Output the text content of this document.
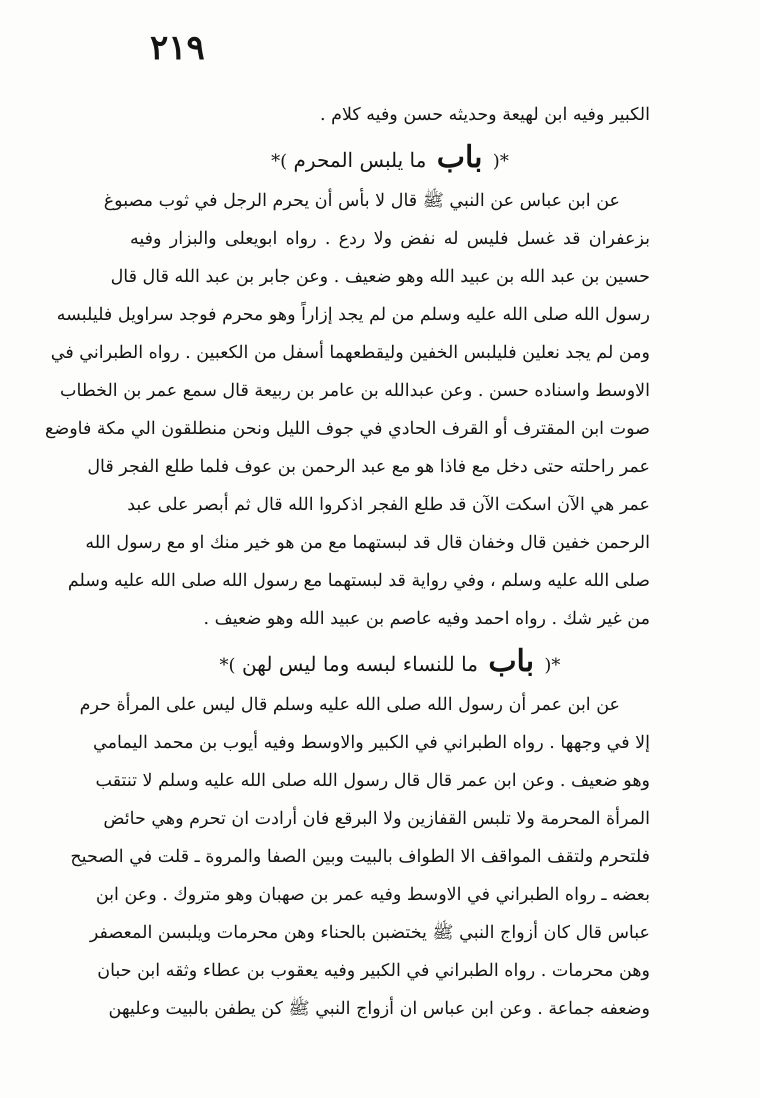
٢١٩
الكبير وفيه ابن لهيعة وحديثه حسن وفيه كلام .
*( باب ما يلبس المحرم )*
عن ابن عباس عن النبي ﷺ قال لا بأس أن يحرم الرجل في ثوب مصبوغ
بزعفران قد غسل فليس له نفض ولا ردع . رواه ابويعلى والبزار وفيه
حسين بن عبد الله بن عبيد الله وهو ضعيف . وعن جابر بن عبد الله قال قال
رسول الله صلى الله عليه وسلم من لم يجد إزاراً وهو محرم فوجد سراويل فليلبسه
ومن لم يجد نعلين فليلبس الخفين وليقطعهما أسفل من الكعبين . رواه الطبراني في
الاوسط واسناده حسن . وعن عبدالله بن عامر بن ربيعة قال سمع عمر بن الخطاب
صوت ابن المقترف أو القرف الحادي في جوف الليل ونحن منطلقون الي مكة فاوضع
عمر راحلته حتى دخل مع فاذا هو مع عبد الرحمن بن عوف فلما طلع الفجر قال
عمر هي الآن اسكت الآن قد طلع الفجر اذكروا الله قال ثم أبصر على عبد
الرحمن خفين قال وخفان قال قد لبستهما مع من هو خير منك او مع رسول الله
صلى الله عليه وسلم ، وفي رواية قد لبستهما مع رسول الله صلى الله عليه وسلم
من غير شك . رواه احمد وفيه عاصم بن عبيد الله وهو ضعيف .
*( باب ما للنساء لبسه وما ليس لهن )*
عن ابن عمر أن رسول الله صلى الله عليه وسلم قال ليس على المرأة حرم
إلا في وجهها . رواه الطبراني في الكبير والاوسط وفيه أيوب بن محمد اليمامي
وهو ضعيف . وعن ابن عمر قال قال رسول الله صلى الله عليه وسلم لا تنتقب
المرأة المحرمة ولا تلبس القفازين ولا البرقع فان أرادت ان تحرم وهي حائض
فلتحرم ولتقف المواقف الا الطواف بالبيت وبين الصفا والمروة ـ قلت في الصحيح
بعضه ـ رواه الطبراني في الاوسط وفيه عمر بن صهبان وهو متروك . وعن ابن
عباس قال كان أزواج النبي ﷺ يختضبن بالحناء وهن محرمات ويلبسن المعصفر
وهن محرمات . رواه الطبراني في الكبير وفيه يعقوب بن عطاء وثقه ابن حبان
وضعفه جماعة . وعن ابن عباس ان أزواج النبي ﷺ كن يطفن بالبيت وعليهن
